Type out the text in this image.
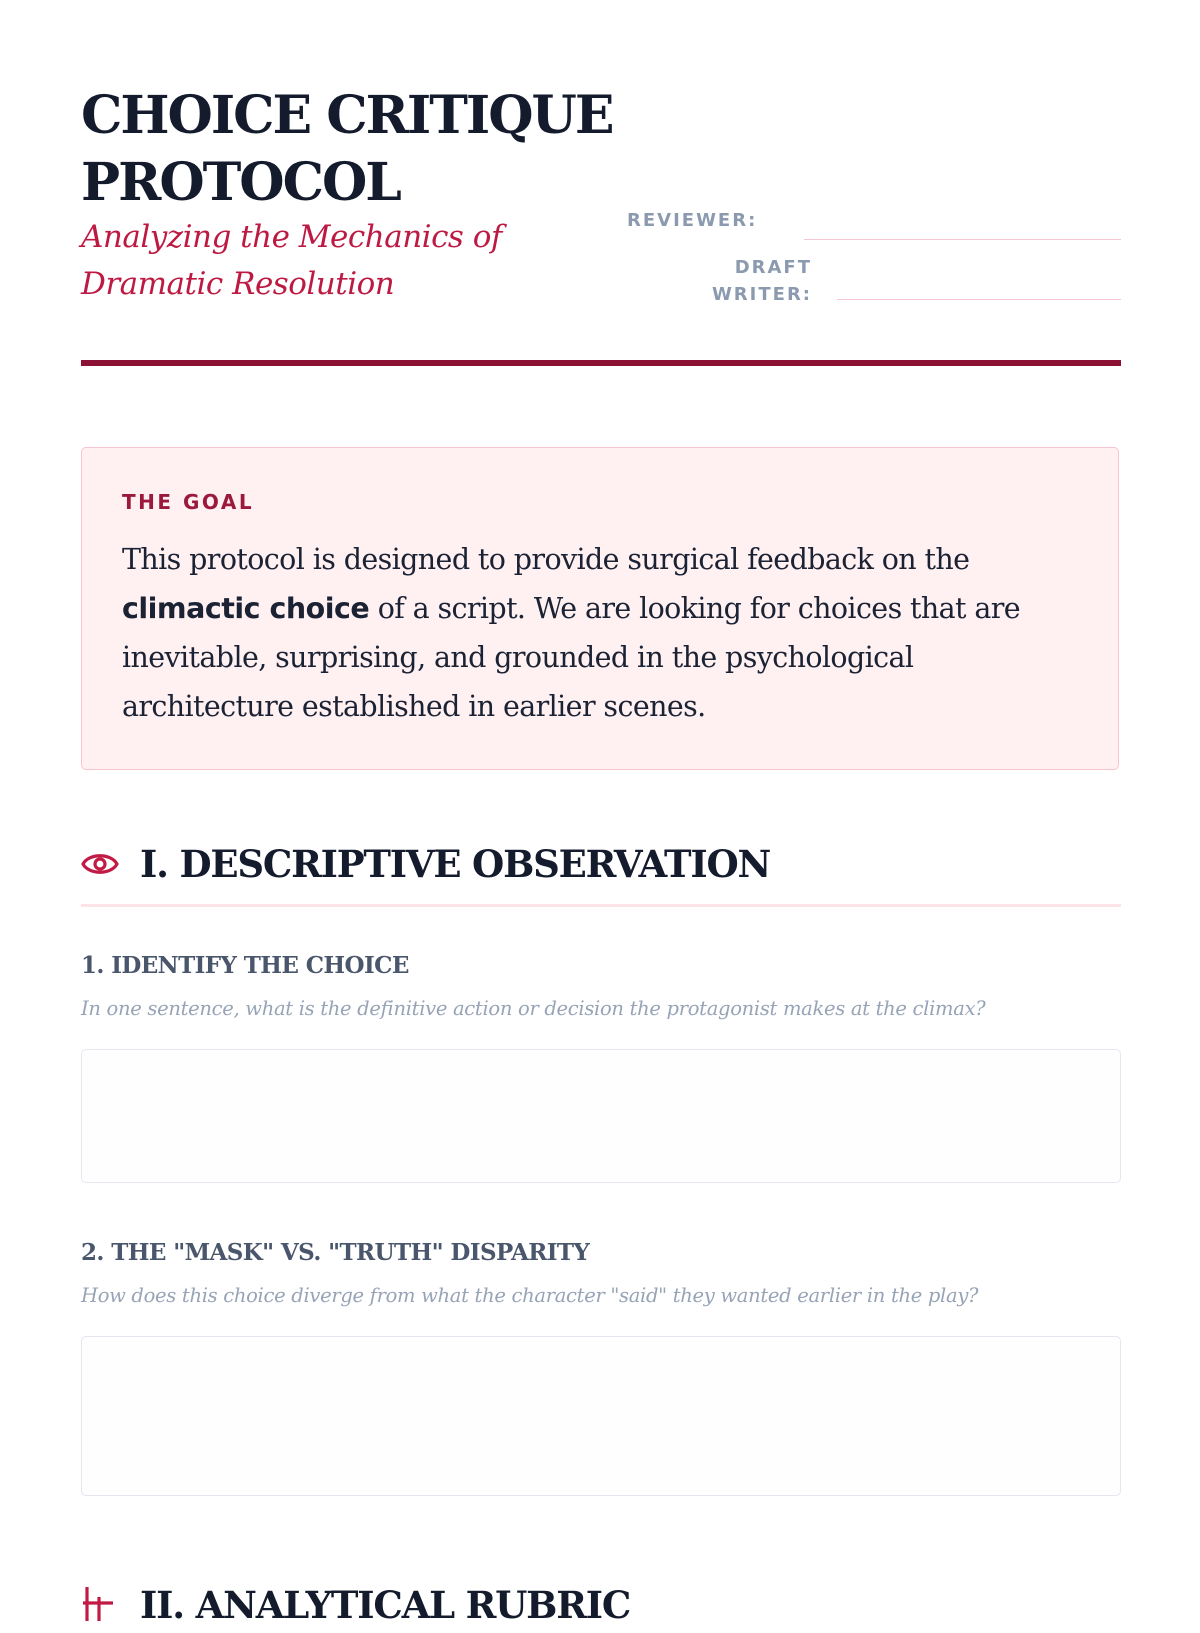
CHOICE CRITIQUE PROTOCOL

Analyzing the Mechanics of Dramatic Resolution

REVIEWER:
DRAFT
WRITER:
THE GOAL

This protocol is designed to provide surgical feedback on the climactic choice of a script. We are looking for choices that are inevitable, surprising, and grounded in the psychological architecture established in earlier scenes.

I. DESCRIPTIVE OBSERVATION
1. IDENTIFY THE CHOICE

In one sentence, what is the definitive action or decision the protagonist makes at the climax?

2. THE "MASK" VS. "TRUTH" DISPARITY

How does this choice diverge from what the character "said" they wanted earlier in the play?

II. ANALYTICAL RUBRIC
